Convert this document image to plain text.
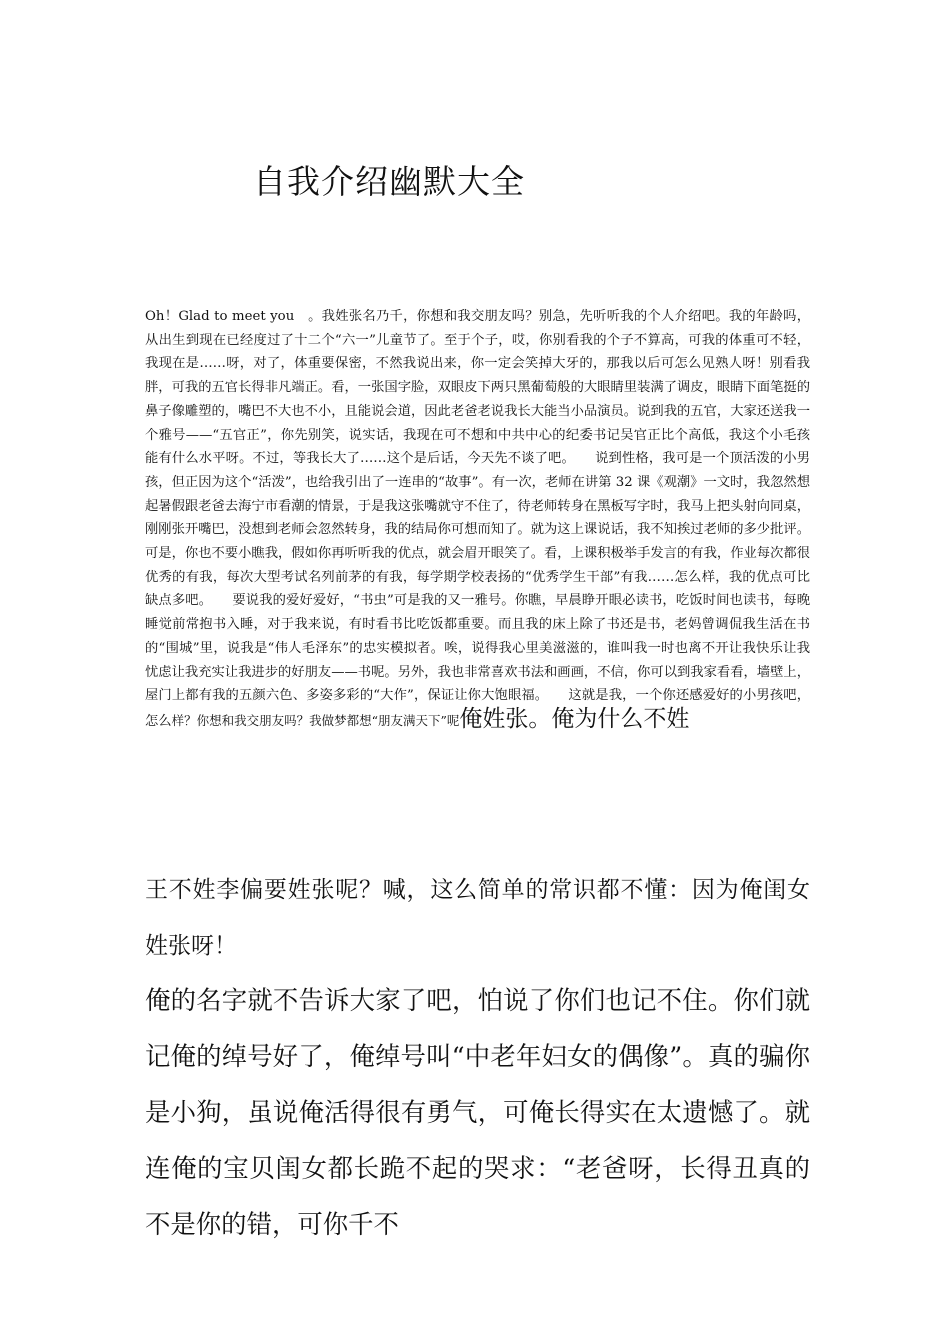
自我介绍幽默大全

Oh！Glad to meet you　。我姓张名乃千，你想和我交朋友吗？别急，先听听我的个人介绍吧。我的年龄吗，从出生到现在已经度过了十二个“六一”儿童节了。至于个子，哎，你别看我的个子不算高，可我的体重可不轻，我现在是……呀，对了，体重要保密，不然我说出来，你一定会笑掉大牙的，那我以后可怎么见熟人呀！别看我胖，可我的五官长得非凡端正。看，一张国字脸，双眼皮下两只黑葡萄般的大眼睛里装满了调皮，眼睛下面笔挺的鼻子像雕塑的，嘴巴不大也不小，且能说会道，因此老爸老说我长大能当小品演员。说到我的五官，大家还送我一个雅号——“五官正”，你先别笑，说实话，我现在可不想和中共中心的纪委书记吴官正比个高低，我这个小毛孩能有什么水平呀。不过，等我长大了……这个是后话，今天先不谈了吧。　　说到性格，我可是一个顶活泼的小男孩，但正因为这个“活泼”，也给我引出了一连串的“故事”。有一次，老师在讲第 32 课《观潮》一文时，我忽然想起暑假跟老爸去海宁市看潮的情景，于是我这张嘴就守不住了，待老师转身在黑板写字时，我马上把头射向同桌，刚刚张开嘴巴，没想到老师会忽然转身，我的结局你可想而知了。就为这上课说话，我不知挨过老师的多少批评。可是，你也不要小瞧我，假如你再听听我的优点，就会眉开眼笑了。看，上课积极举手发言的有我，作业每次都很优秀的有我，每次大型考试名列前茅的有我，每学期学校表扬的“优秀学生干部”有我……怎么样，我的优点可比缺点多吧。　　要说我的爱好爱好，“书虫”可是我的又一雅号。你瞧，早晨睁开眼必读书，吃饭时间也读书，每晚睡觉前常抱书入睡，对于我来说，有时看书比吃饭都重要。而且我的床上除了书还是书，老妈曾调侃我生活在书的“围城”里，说我是“伟人毛泽东”的忠实模拟者。唉，说得我心里美滋滋的，谁叫我一时也离不开让我快乐让我忧虑让我充实让我进步的好朋友——书呢。另外，我也非常喜欢书法和画画，不信，你可以到我家看看，墙壁上，屋门上都有我的五颜六色、多姿多彩的“大作”，保证让你大饱眼福。　　这就是我，一个你还感爱好的小男孩吧，怎么样？你想和我交朋友吗？我做梦都想“朋友满天下”呢俺姓张。俺为什么不姓

王不姓李偏要姓张呢？喊，这么简单的常识都不懂：因为俺闺女姓张呀！

俺的名字就不告诉大家了吧，怕说了你们也记不住。你们就记俺的绰号好了，俺绰号叫“中老年妇女的偶像”。真的骗你是小狗，虽说俺活得很有勇气，可俺长得实在太遗憾了。就连俺的宝贝闺女都长跪不起的哭求：“老爸呀，长得丑真的不是你的错，可你千不
